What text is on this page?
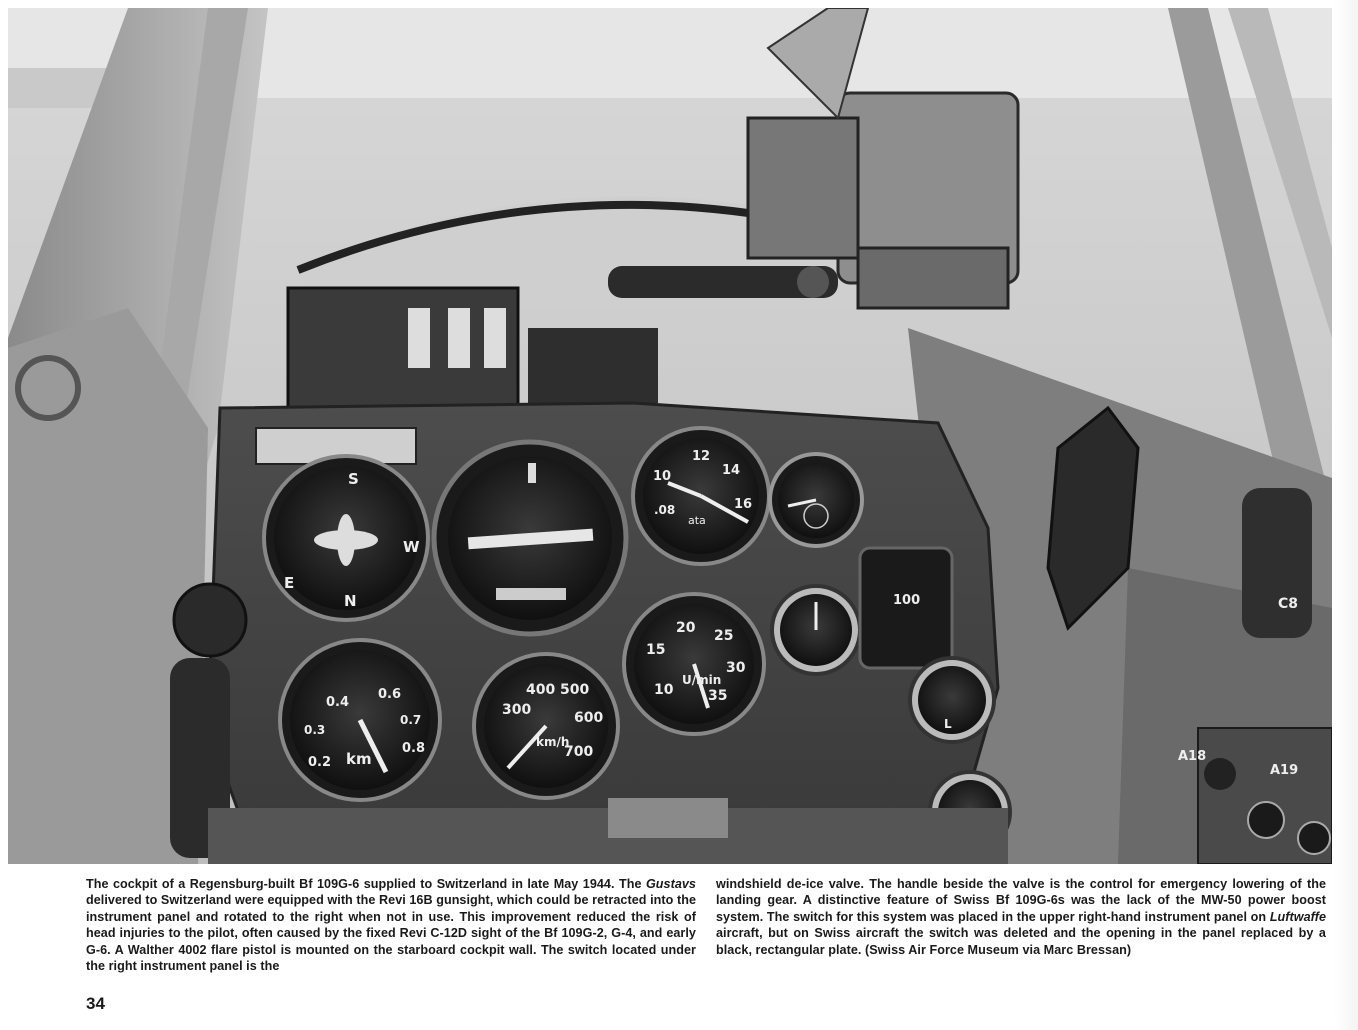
S
W
E
N
12
14
16
10
.08
ata
0.4
0.6
0.7
0.8
0.3
0.2 km
400 500
300	600
700
km/h
20 25
30
35
15
10
U/min
100
L
C8
A18
A19
The cockpit of a Regensburg-built Bf 109G-6 supplied to Switzerland in late May 1944. The Gustavs delivered to Switzerland were equipped with the Revi 16B gunsight, which could be retracted into the instrument panel and rotated to the right when not in use. This improvement reduced the risk of head injuries to the pilot, often caused by the fixed Revi C-12D sight of the Bf 109G-2, G-4, and early G-6. A Walther 4002 flare pistol is mounted on the starboard cockpit wall. The switch located under the right instrument panel is the
windshield de-ice valve. The handle beside the valve is the control for emergency lowering of the landing gear. A distinctive feature of Swiss Bf 109G-6s was the lack of the MW-50 power boost system. The switch for this system was placed in the upper right-hand instrument panel on Luftwaffe aircraft, but on Swiss aircraft the switch was deleted and the opening in the panel replaced by a black, rectangular plate. (Swiss Air Force Museum via Marc Bressan)
34
